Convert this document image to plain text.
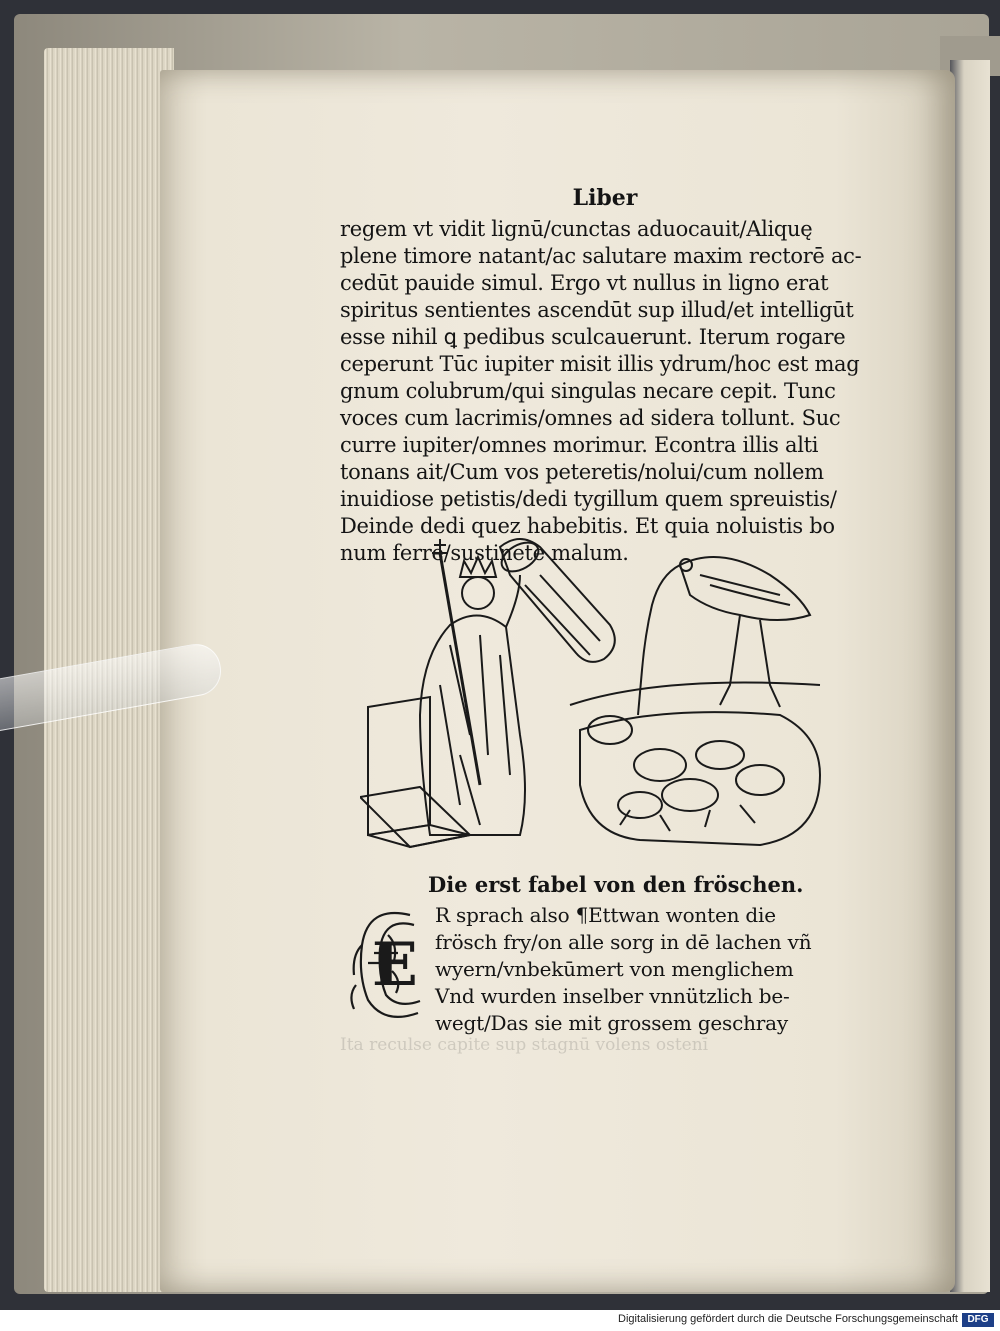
Liber
regem vt vidit lignū/cunctas aduocauit/Aliquę
plene timore natant/ac salutare maxim rectorē ac-
cedūt pauide simul. Ergo vt nullus in ligno erat
spiritus sentientes ascendūt sup illud/et intelligūt
esse nihil ꝗ pedibus sculcauerunt. Iterum rogare
ceperunt Tūc iupiter misit illis ydrum/hoc est mag
gnum colubrum/qui singulas necare cepit. Tunc
voces cum lacrimis/omnes ad sidera tollunt. Suc
curre iupiter/omnes morimur. Econtra illis alti
tonans ait/Cum vos peteretis/nolui/cum nollem
inuidiose petistis/dedi tygillum quem spreuistis/
Deinde dedi quez habebitis. Et quia noluistis bo
num ferre/sustinete malum.
Die erst fabel von den fröschen.
E
R sprach also ¶Ettwan wonten die
frösch fry/on alle sorg in dē lachen vñ
wyern/vnbekūmert von menglichem
Vnd wurden inselber vnnützlich be-
wegt/Das sie mit grossem geschray
Ita reculse capite sup stagnū volens ostenī
Digitalisierung gefördert durch die Deutsche Forschungsgemeinschaft DFG
